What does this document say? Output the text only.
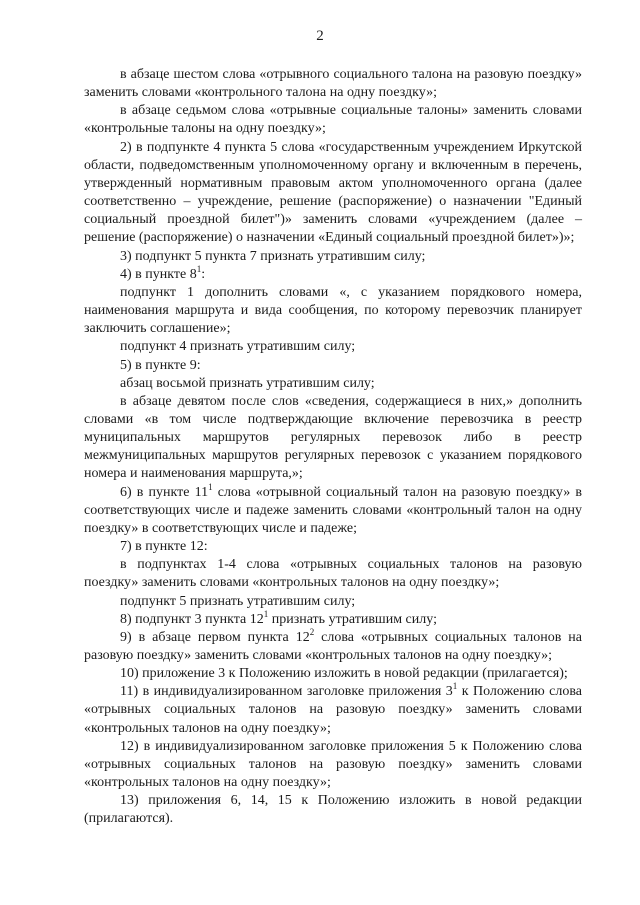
2

в абзаце шестом слова «отрывного социального талона на разовую поездку» заменить словами «контрольного талона на одну поездку»;

в абзаце седьмом слова «отрывные социальные талоны» заменить словами «контрольные талоны на одну поездку»;

2) в подпункте 4 пункта 5 слова «государственным учреждением Иркутской области, подведомственным уполномоченному органу и включенным в перечень, утвержденный нормативным правовым актом уполномоченного органа (далее соответственно – учреждение, решение (распоряжение) о назначении "Единый социальный проездной билет")» заменить словами «учреждением (далее – решение (распоряжение) о назначении «Единый социальный проездной билет»)»;

3) подпункт 5 пункта 7 признать утратившим силу;

4) в пункте $8^1$:

подпункт 1 дополнить словами «, с указанием порядкового номера, наименования маршрута и вида сообщения, по которому перевозчик планирует заключить соглашение»;

подпункт 4 признать утратившим силу;

5) в пункте 9:

абзац восьмой признать утратившим силу;

в абзаце девятом после слов «сведения, содержащиеся в них,» дополнить словами «в том числе подтверждающие включение перевозчика в реестр муниципальных маршрутов регулярных перевозок либо в реестр межмуниципальных маршрутов регулярных перевозок с указанием порядкового номера и наименования маршрута,»;

6) в пункте $11^1$ слова «отрывной социальный талон на разовую поездку» в соответствующих числе и падеже заменить словами «контрольный талон на одну поездку» в соответствующих числе и падеже;

7) в пункте 12:

в подпунктах 1-4 слова «отрывных социальных талонов на разовую поездку» заменить словами «контрольных талонов на одну поездку»;

подпункт 5 признать утратившим силу;

8) подпункт 3 пункта $12^1$ признать утратившим силу;

9) в абзаце первом пункта $12^2$ слова «отрывных социальных талонов на разовую поездку» заменить словами «контрольных талонов на одну поездку»;

10) приложение 3 к Положению изложить в новой редакции (прилагается);

11) в индивидуализированном заголовке приложения $3^1$ к Положению слова «отрывных социальных талонов на разовую поездку» заменить словами «контрольных талонов на одну поездку»;

12) в индивидуализированном заголовке приложения 5 к Положению слова «отрывных социальных талонов на разовую поездку» заменить словами «контрольных талонов на одну поездку»;

13) приложения 6, 14, 15 к Положению изложить в новой редакции (прилагаются).
